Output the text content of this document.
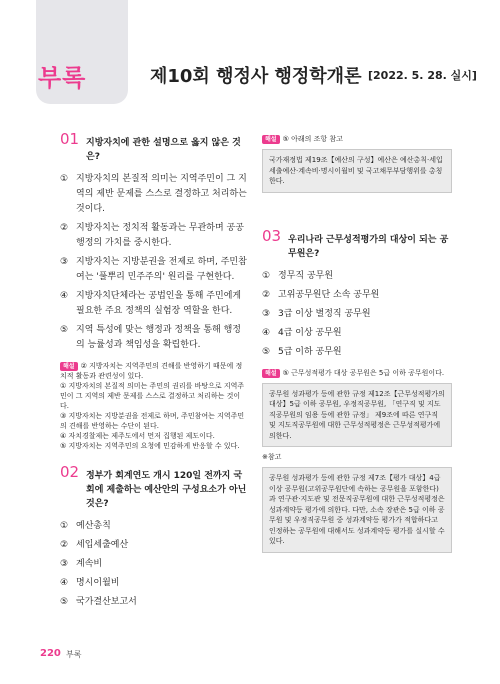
부록	제10회 행정사 행정학개론 [2022. 5. 28. 실시]
01 지방자치에 관한 설명으로 옳지 않은 것은?
① 지방자치의 본질적 의미는 지역주민이 그 지역의 제반 문제를 스스로 결정하고 처리하는 것이다.
② 지방자치는 정치적 활동과는 무관하며 공공행정의 가치를 중시한다.
③ 지방자치는 지방분권을 전제로 하며, 주민참여는 '풀뿌리 민주주의' 원리를 구현한다.
④ 지방자치단체라는 공법인을 통해 주민에게 필요한 주요 정책의 실험장 역할을 한다.
⑤ 지역 특성에 맞는 행정과 정책을 통해 행정의 능률성과 책임성을 확립한다.

해설 ② 지방자치는 지역주민의 견해를 반영하기 때문에 정치적 활동과 관련성이 있다.

① 지방자치의 본질적 의미는 주민의 권리를 바탕으로 지역주민이 그 지역의 제반 문제를 스스로 결정하고 처리하는 것이다.

③ 지방자치는 지방분권을 전제로 하며, 주민참여는 지역주민의 견해를 반영하는 수단이 된다.

④ 자치경찰제는 제주도에서 먼저 집행된 제도이다.

⑤ 지방자치는 지역주민의 요청에 민감하게 반응할 수 있다.

02 정부가 회계연도 개시 120일 전까지 국회에 제출하는 예산안의 구성요소가 아닌 것은?
① 예산총칙
② 세입세출예산
③ 계속비
④ 명시이월비
⑤ 국가결산보고서

해설 ⑤ 아래의 조항 참고

국가재정법 제19조【예산의 구성】예산은 예산총칙·세입세출예산·계속비·명시이월비 및 국고채무부담행위를 총칭한다.
03 우리나라 근무성적평가의 대상이 되는 공무원은?
① 정무직 공무원
② 고위공무원단 소속 공무원
③ 3급 이상 별정직 공무원
④ 4급 이상 공무원
⑤ 5급 이하 공무원

해설 ⑤ 근무성적평가 대상 공무원은 5급 이하 공무원이다.

공무원 성과평가 등에 관한 규정 제12조【근무성적평가의 대상】5급 이하 공무원, 우정직공무원, 「연구직 및 지도직공무원의 임용 등에 관한 규정」 제9조에 따른 연구직 및 지도직공무원에 대한 근무성적평정은 근무성적평가에 의한다.
※참고
공무원 성과평가 등에 관한 규정 제7조【평가 대상】4급 이상 공무원(고위공무원단에 속하는 공무원을 포함한다)과 연구관·지도관 및 전문직공무원에 대한 근무성적평정은 성과계약등 평가에 의한다. 다만, 소속 장관은 5급 이하 공무원 및 우정직공무원 중 성과계약등 평가가 적합하다고 인정하는 공무원에 대해서도 성과계약등 평가를 실시할 수 있다.
220 부록
